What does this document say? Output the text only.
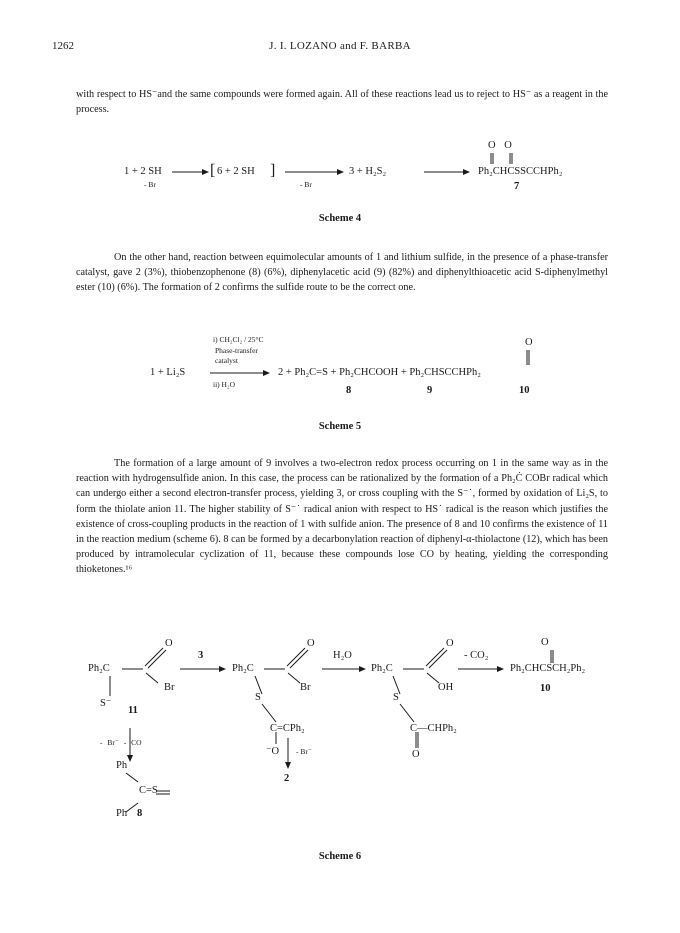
1262	J. I. LOZANO and F. BARBA

with respect to HS⁻and the same compounds were formed again. All of these reactions lead us to reject to HS⁻ as a reagent in the process.

1 + 2 SH
- Br
[ 6 + 2 SH ]
- Br
3 + H₂S₂	Ph₂CHCSSCCHPh₂
O O
7
Scheme 4

On the other hand, reaction between equimolecular amounts of 1 and lithium sulfide, in the presence of a phase-transfer catalyst, gave 2 (3%), thiobenzophenone (8) (6%), diphenylacetic acid (9) (82%) and diphenylthioacetic acid S-diphenylmethyl ester (10) (6%). The formation of 2 confirms the sulfide route to be the correct one.

i) CH₂Cl₂ / 25°C
Phase-transfer
catalyst
ii) H₂O
1 + Li₂S	2 + Ph₂C=S + Ph₂CHCOOH + Ph₂CHSCCHPh₂
O
8	9	10
Scheme 5

The formation of a large amount of 9 involves a two-electron redox process occurring on 1 in the same way as in the reaction with hydrogensulfide anion. In this case, the process can be rationalized by the formation of a Ph₂Ċ COBr radical which can undergo either a second electron-transfer process, yielding 3, or cross coupling with the S⁻˙, formed by oxidation of Li₂S, to form the thiolate anion 11. The higher stability of S⁻˙ radical anion with respect to HS˙ radical is the reason which justifies the existence of cross-coupling products in the reaction of 1 with sulfide anion. The presence of 8 and 10 confirms the existence of 11 in the reaction medium (scheme 6). 8 can be formed by a decarbonylation reaction of diphenyl-α-thiolactone (12), which has been produced by intramolecular cyclization of 11, because these compounds lose CO by heating, yielding the corresponding thioketones.¹⁶

Ph₂C
O
Br
S⁻
11
3
Ph₂C
O
Br
S
C=CPh₂
⁻O
H₂O
- Br⁻
2
Ph₂C
O
OH
S
C—CHPh₂
O
- CO₂
O
Ph₂CHCSCH₂Ph₂
10
- Br⁻ - CO
Ph
C=S
Ph 8
Scheme 6
